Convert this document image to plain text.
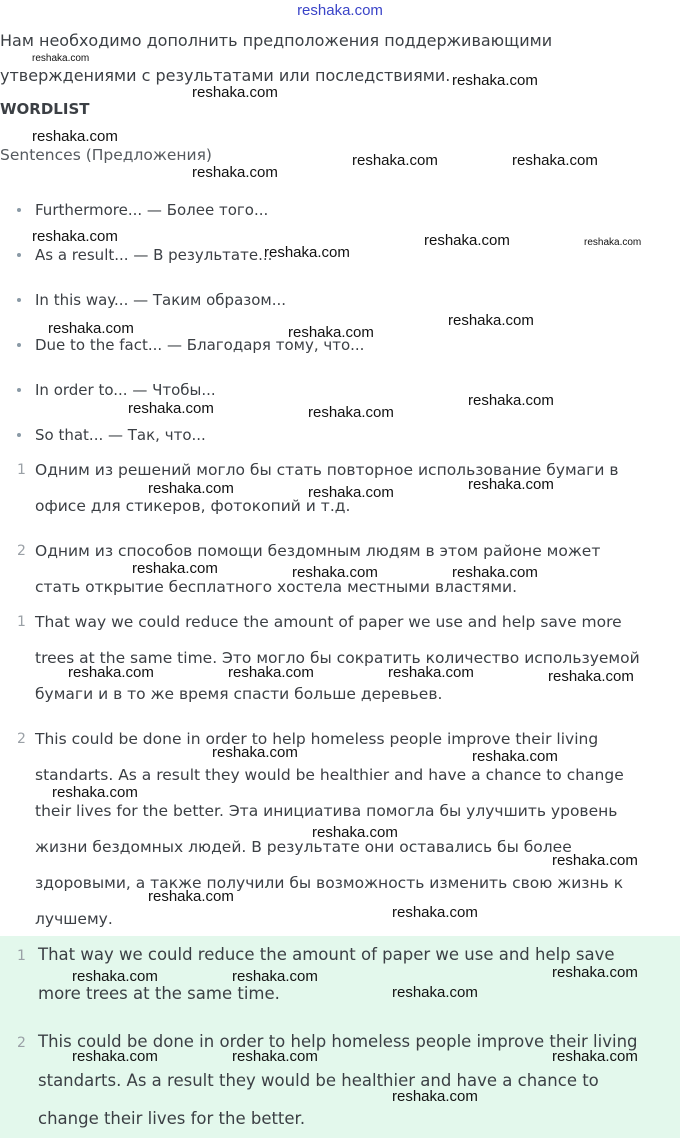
reshaka.com
Нам необходимо дополнить предположения поддерживающими
утверждениями с результатами или последствиями.
WORDLIST
Sentences (Предложения)
Furthermore... — Более того...
As a result... — В результате...
In this way... — Таким образом...
Due to the fact... — Благодаря тому, что...
In order to... — Чтобы...
So that... — Так, что...
1 Одним из решений могло бы стать повторное использование бумаги в
офисе для стикеров, фотокопий и т.д.
2 Одним из способов помощи бездомным людям в этом районе может
стать открытие бесплатного хостела местными властями.
1 That way we could reduce the amount of paper we use and help save more
trees at the same time. Это могло бы сократить количество используемой
бумаги и в то же время спасти больше деревьев.
2 This could be done in order to help homeless people improve their living
standarts. As a result they would be healthier and have a chance to change
their lives for the better. Эта инициатива помогла бы улучшить уровень
жизни бездомных людей. В результате они оставались бы более
здоровыми, а также получили бы возможность изменить свою жизнь к
лучшему.
1 That way we could reduce the amount of paper we use and help save
more trees at the same time.
2 This could be done in order to help homeless people improve their living
standarts. As a result they would be healthier and have a chance to
change their lives for the better.
reshaka.com
reshaka.com
reshaka.com
reshaka.com
reshaka.com	reshaka.com
reshaka.com
reshaka.com	reshaka.com	reshaka.com
reshaka.com
reshaka.com
reshaka.com	reshaka.com
reshaka.com
reshaka.com	reshaka.com
reshaka.com
reshaka.com	reshaka.com
reshaka.com	reshaka.com	reshaka.com
reshaka.com	reshaka.com	reshaka.com	reshaka.com
reshaka.com	reshaka.com
reshaka.com
reshaka.com
reshaka.com
reshaka.com
reshaka.com
reshaka.com
reshaka.com	reshaka.com
reshaka.com
reshaka.com	reshaka.com	reshaka.com
reshaka.com
